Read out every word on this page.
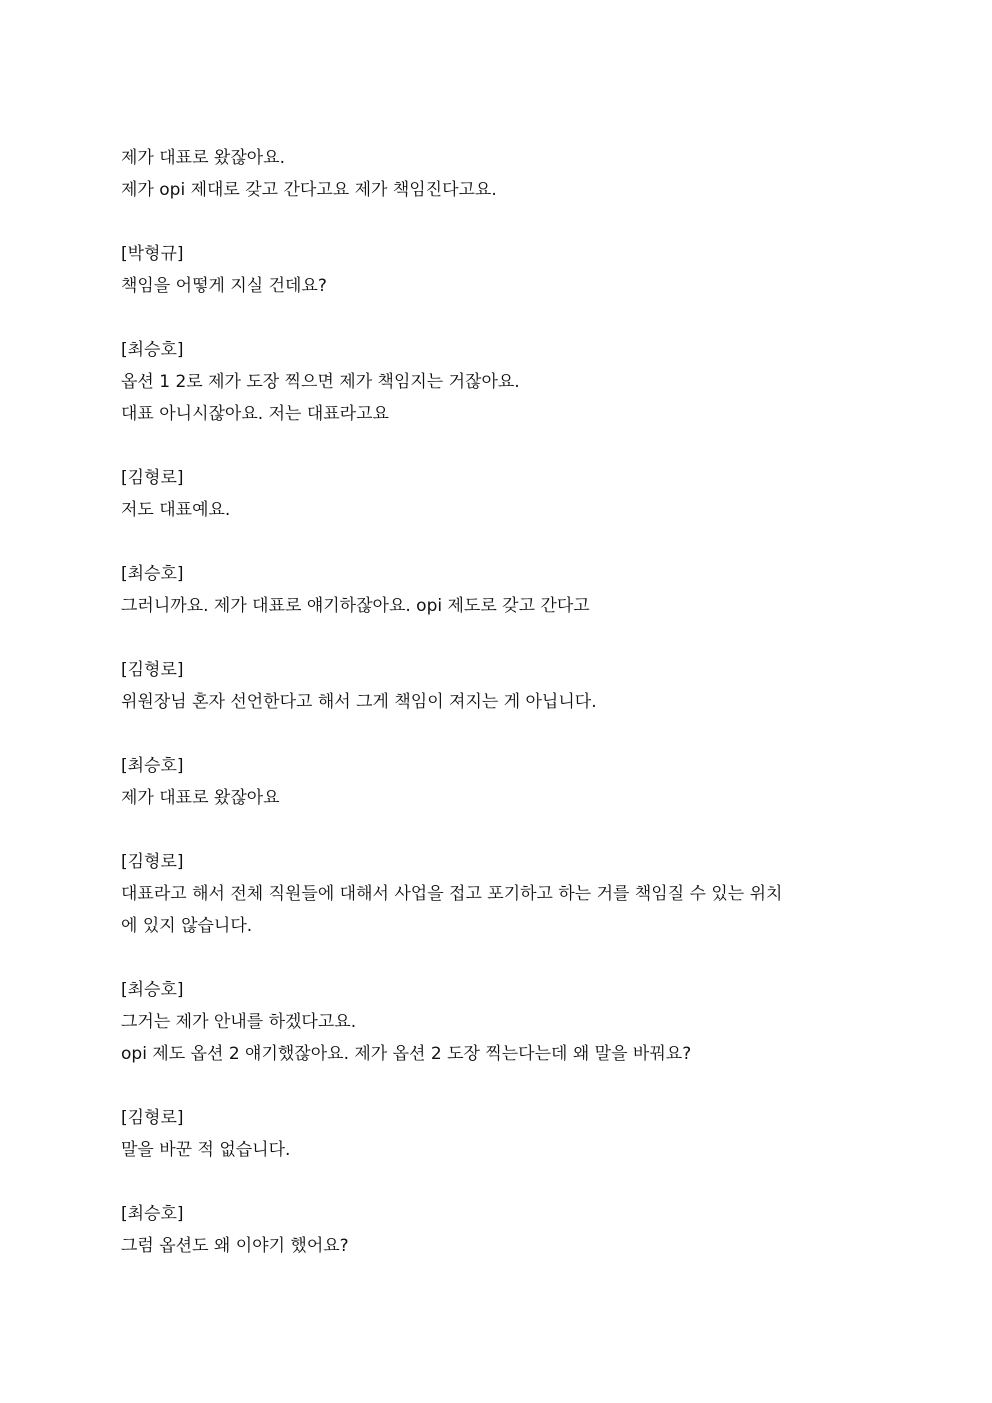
제가 대표로 왔잖아요.
제가 opi 제대로 갖고 간다고요 제가 책임진다고요.
[박형규]
책임을 어떻게 지실 건데요?
[최승호]
옵션 1 2로 제가 도장 찍으면 제가 책임지는 거잖아요.
대표 아니시잖아요. 저는 대표라고요
[김형로]
저도 대표예요.
[최승호]
그러니까요. 제가 대표로 얘기하잖아요. opi 제도로 갖고 간다고
[김형로]
위원장님 혼자 선언한다고 해서 그게 책임이 져지는 게 아닙니다.
[최승호]
제가 대표로 왔잖아요
[김형로]
대표라고 해서 전체 직원들에 대해서 사업을 접고 포기하고 하는 거를 책임질 수 있는 위치
에 있지 않습니다.
[최승호]
그거는 제가 안내를 하겠다고요.
opi 제도 옵션 2 얘기했잖아요. 제가 옵션 2 도장 찍는다는데 왜 말을 바꿔요?
[김형로]
말을 바꾼 적 없습니다.
[최승호]
그럼 옵션도 왜 이야기 했어요?
